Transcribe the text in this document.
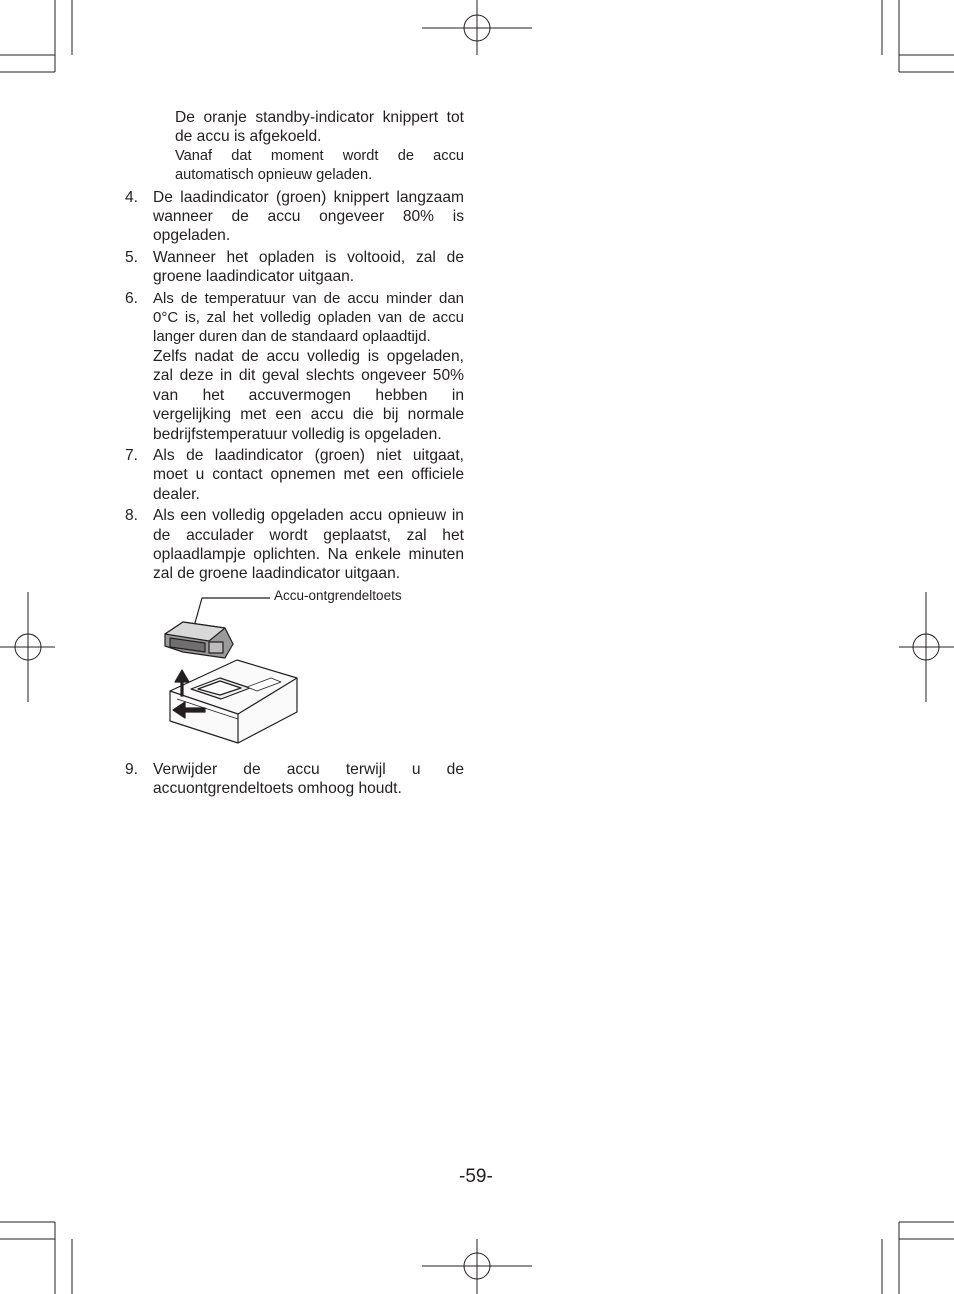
De oranje standby-indicator knippert tot de accu is afgekoeld.
Vanaf dat moment wordt de accu automatisch opnieuw geladen.
4. De laadindicator (groen) knippert langzaam wanneer de accu ongeveer 80% is opgeladen.
5. Wanneer het opladen is voltooid, zal de groene laadindicator uitgaan.
6. Als de temperatuur van de accu minder dan 0°C is, zal het volledig opladen van de accu langer duren dan de standaard oplaadtijd.
Zelfs nadat de accu volledig is opgeladen, zal deze in dit geval slechts ongeveer 50% van het accuvermogen hebben in vergelijking met een accu die bij normale bedrijfstemperatuur volledig is opgeladen.
7. Als de laadindicator (groen) niet uitgaat, moet u contact opnemen met een officiele dealer.
8. Als een volledig opgeladen accu opnieuw in de acculader wordt geplaatst, zal het oplaadlampje oplichten. Na enkele minuten zal de groene laadindicator uitgaan.
Accu-ontgrendeltoets
9. Verwijder de accu terwijl u de accuontgrendeltoets omhoog houdt.
-59-
